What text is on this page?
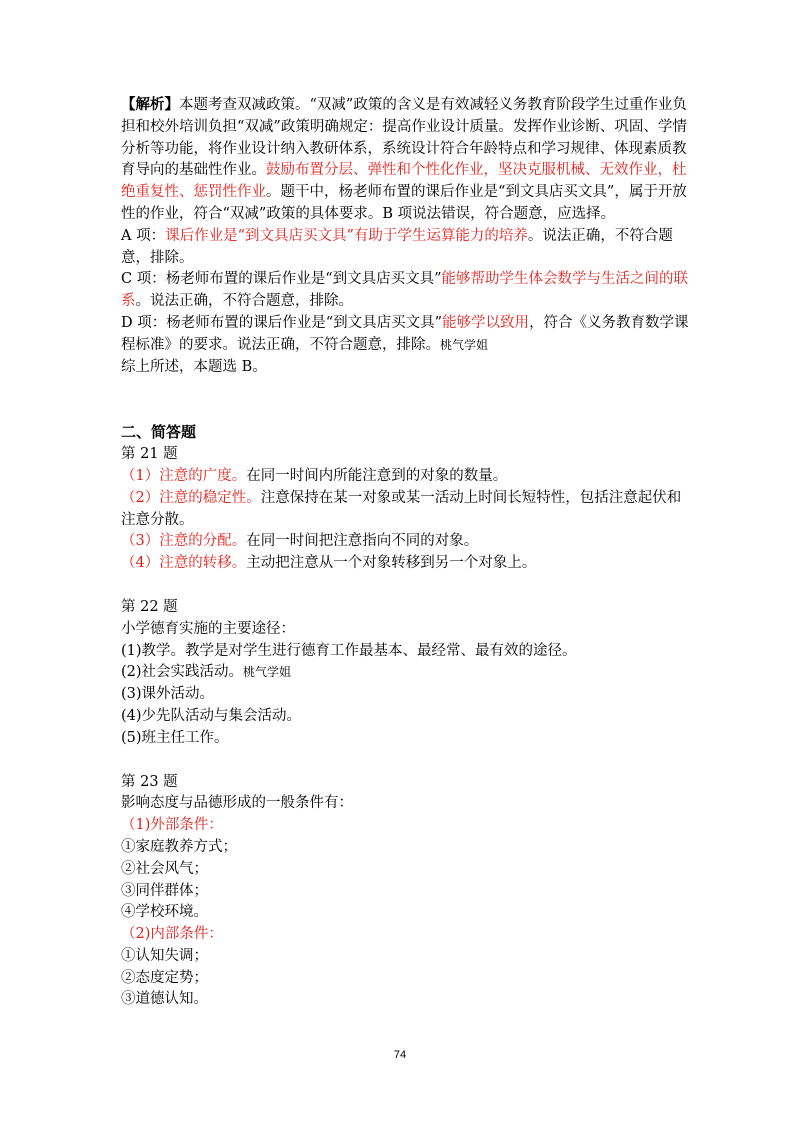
【解析】本题考查双减政策。“双减”政策的含义是有效减轻义务教育阶段学生过重作业负担和校外培训负担“双减”政策明确规定：提高作业设计质量。发挥作业诊断、巩固、学情分析等功能，将作业设计纳入教研体系，系统设计符合年龄特点和学习规律、体现素质教育导向的基础性作业。鼓励布置分层、弹性和个性化作业，坚决克服机械、无效作业，杜绝重复性、惩罚性作业。题干中，杨老师布置的课后作业是“到文具店买文具”，属于开放性的作业，符合“双减”政策的具体要求。B 项说法错误，符合题意，应选择。

A 项：课后作业是“到文具店买文具”有助于学生运算能力的培养。说法正确，不符合题意，排除。

C 项：杨老师布置的课后作业是“到文具店买文具”能够帮助学生体会数学与生活之间的联系。说法正确，不符合题意，排除。

D 项：杨老师布置的课后作业是“到文具店买文具”能够学以致用，符合《义务教育数学课程标准》的要求。说法正确，不符合题意，排除。桃气学姐

综上所述，本题选 B。

二、简答题

第 21 题

（1）注意的广度。在同一时间内所能注意到的对象的数量。

（2）注意的稳定性。注意保持在某一对象或某一活动上时间长短特性，包括注意起伏和注意分散。

（3）注意的分配。在同一时间把注意指向不同的对象。

（4）注意的转移。主动把注意从一个对象转移到另一个对象上。

第 22 题

小学德育实施的主要途径：

(1)教学。教学是对学生进行德育工作最基本、最经常、最有效的途径。

(2)社会实践活动。桃气学姐

(3)课外活动。

(4)少先队活动与集会活动。

(5)班主任工作。

第 23 题

影响态度与品德形成的一般条件有：

（1)外部条件：

①家庭教养方式；

②社会风气；

③同伴群体；

④学校环境。

（2)内部条件：

①认知失调；

②态度定势；

③道德认知。

74
